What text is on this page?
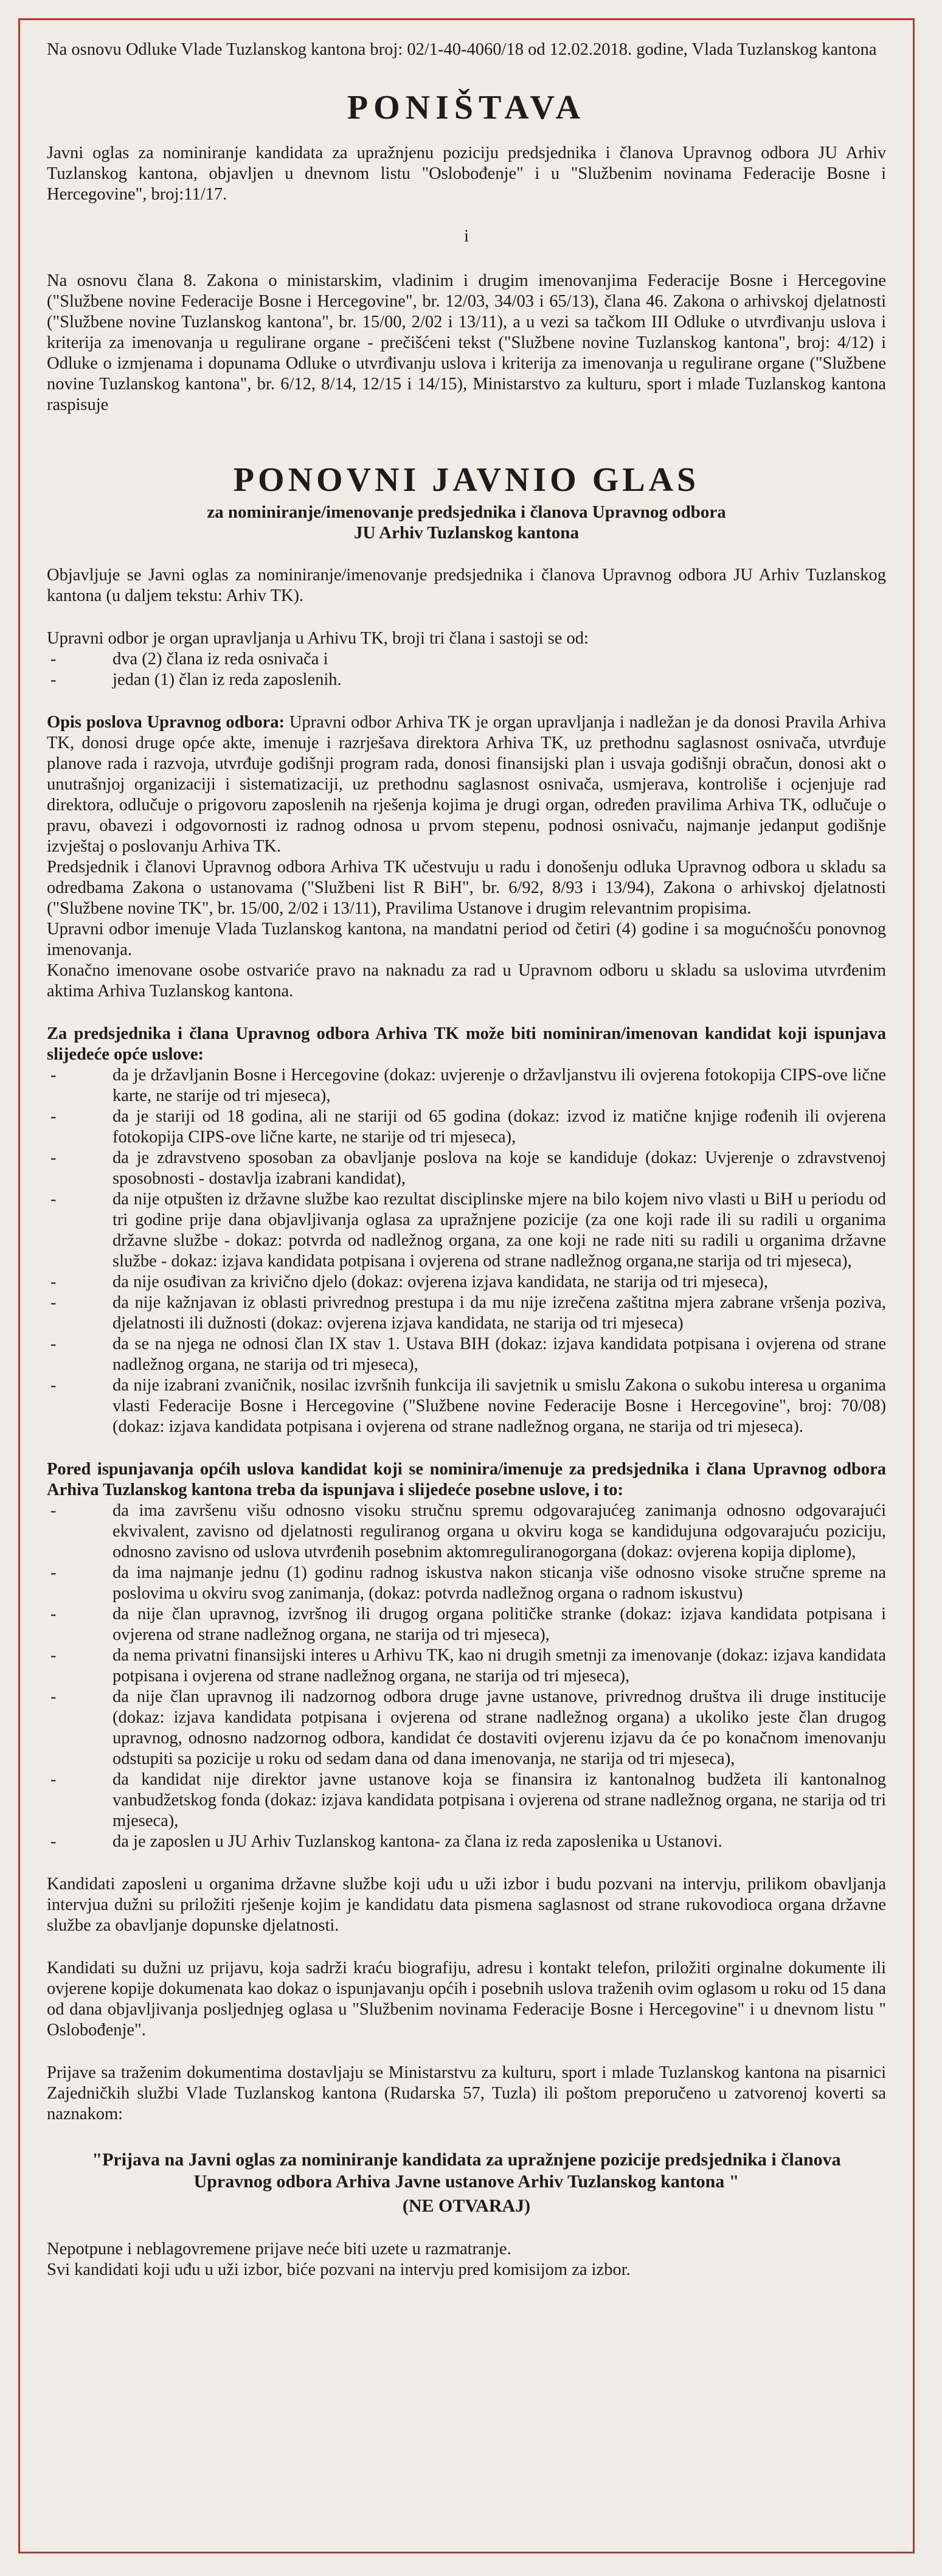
Na osnovu Odluke Vlade Tuzlanskog kantona broj: 02/1-40-4060/18 od 12.02.2018. godine, Vlada Tuzlanskog kantona

PONIŠTAVA

Javni oglas za nominiranje kandidata za upražnjenu poziciju predsjednika i članova Upravnog odbora JU Arhiv Tuzlanskog kantona, objavljen u dnevnom listu "Oslobođenje" i u "Službenim novinama Federacije Bosne i Hercegovine", broj:11/17.

i

Na osnovu člana 8. Zakona o ministarskim, vladinim i drugim imenovanjima Federacije Bosne i Hercegovine ("Službene novine Federacije Bosne i Hercegovine", br. 12/03, 34/03 i 65/13), člana 46. Zakona o arhivskoj djelatnosti ("Službene novine Tuzlanskog kantona", br. 15/00, 2/02 i 13/11), a u vezi sa tačkom III Odluke o utvrđivanju uslova i kriterija za imenovanja u regulirane organe - prečišćeni tekst ("Službene novine Tuzlanskog kantona", broj: 4/12) i Odluke o izmjenama i dopunama Odluke o utvrđivanju uslova i kriterija za imenovanja u regulirane organe ("Službene novine Tuzlanskog kantona", br. 6/12, 8/14, 12/15 i 14/15), Ministarstvo za kulturu, sport i mlade Tuzlanskog kantona raspisuje

PONOVNI JAVNIO GLAS
za nominiranje/imenovanje predsjednika i članova Upravnog odbora
JU Arhiv Tuzlanskog kantona

Objavljuje se Javni oglas za nominiranje/imenovanje predsjednika i članova Upravnog odbora JU Arhiv Tuzlanskog kantona (u daljem tekstu: Arhiv TK).

Upravni odbor je organ upravljanja u Arhivu TK, broji tri člana i sastoji se od:

- dva (2) člana iz reda osnivača i
- jedan (1) član iz reda zaposlenih.

Opis poslova Upravnog odbora: Upravni odbor Arhiva TK je organ upravljanja i nadležan je da donosi Pravila Arhiva TK, donosi druge opće akte, imenuje i razrješava direktora Arhiva TK, uz prethodnu saglasnost osnivača, utvrđuje planove rada i razvoja, utvrđuje godišnji program rada, donosi finansijski plan i usvaja godišnji obračun, donosi akt o unutrašnjoj organizaciji i sistematizaciji, uz prethodnu saglasnost osnivača, usmjerava, kontroliše i ocjenjuje rad direktora, odlučuje o prigovoru zaposlenih na rješenja kojima je drugi organ, određen pravilima Arhiva TK, odlučuje o pravu, obavezi i odgovornosti iz radnog odnosa u prvom stepenu, podnosi osnivaču, najmanje jedanput godišnje izvještaj o poslovanju Arhiva TK.

Predsjednik i članovi Upravnog odbora Arhiva TK učestvuju u radu i donošenju odluka Upravnog odbora u skladu sa odredbama Zakona o ustanovama ("Službeni list R BiH", br. 6/92, 8/93 i 13/94), Zakona o arhivskoj djelatnosti ("Službene novine TK", br. 15/00, 2/02 i 13/11), Pravilima Ustanove i drugim relevantnim propisima.

Upravni odbor imenuje Vlada Tuzlanskog kantona, na mandatni period od četiri (4) godine i sa mogućnošću ponovnog imenovanja.

Konačno imenovane osobe ostvariće pravo na naknadu za rad u Upravnom odboru u skladu sa uslovima utvrđenim aktima Arhiva Tuzlanskog kantona.

Za predsjednika i člana Upravnog odbora Arhiva TK može biti nominiran/imenovan kandidat koji ispunjava slijedeće opće uslove:

- da je državljanin Bosne i Hercegovine (dokaz: uvjerenje o državljanstvu ili ovjerena fotokopija CIPS-ove lične karte, ne starije od tri mjeseca),
- da je stariji od 18 godina, ali ne stariji od 65 godina (dokaz: izvod iz matične knjige rođenih ili ovjerena fotokopija CIPS-ove lične karte, ne starije od tri mjeseca),
- da je zdravstveno sposoban za obavljanje poslova na koje se kandiduje (dokaz: Uvjerenje o zdravstvenoj sposobnosti - dostavlja izabrani kandidat),
- da nije otpušten iz državne službe kao rezultat disciplinske mjere na bilo kojem nivo vlasti u BiH u periodu od tri godine prije dana objavljivanja oglasa za upražnjene pozicije (za one koji rade ili su radili u organima državne službe - dokaz: potvrda od nadležnog organa, za one koji ne rade niti su radili u organima državne službe - dokaz: izjava kandidata potpisana i ovjerena od strane nadležnog organa,ne starija od tri mjeseca),
- da nije osuđivan za krivično djelo (dokaz: ovjerena izjava kandidata, ne starija od tri mjeseca),
- da nije kažnjavan iz oblasti privrednog prestupa i da mu nije izrečena zaštitna mjera zabrane vršenja poziva, djelatnosti ili dužnosti (dokaz: ovjerena izjava kandidata, ne starija od tri mjeseca)
- da se na njega ne odnosi član IX stav 1. Ustava BIH (dokaz: izjava kandidata potpisana i ovjerena od strane nadležnog organa, ne starija od tri mjeseca),
- da nije izabrani zvaničnik, nosilac izvršnih funkcija ili savjetnik u smislu Zakona o sukobu interesa u organima vlasti Federacije Bosne i Hercegovine ("Službene novine Federacije Bosne i Hercegovine", broj: 70/08) (dokaz: izjava kandidata potpisana i ovjerena od strane nadležnog organa, ne starija od tri mjeseca).

Pored ispunjavanja općih uslova kandidat koji se nominira/imenuje za predsjednika i člana Upravnog odbora Arhiva Tuzlanskog kantona treba da ispunjava i slijedeće posebne uslove, i to:

- da ima završenu višu odnosno visoku stručnu spremu odgovarajućeg zanimanja odnosno odgovarajući ekvivalent, zavisno od djelatnosti reguliranog organa u okviru koga se kandidujuna odgovarajuću poziciju, odnosno zavisno od uslova utvrđenih posebnim aktomreguliranogorgana (dokaz: ovjerena kopija diplome),
- da ima najmanje jednu (1) godinu radnog iskustva nakon sticanja više odnosno visoke stručne spreme na poslovima u okviru svog zanimanja, (dokaz: potvrda nadležnog organa o radnom iskustvu)
- da nije član upravnog, izvršnog ili drugog organa političke stranke (dokaz: izjava kandidata potpisana i ovjerena od strane nadležnog organa, ne starija od tri mjeseca),
- da nema privatni finansijski interes u Arhivu TK, kao ni drugih smetnji za imenovanje (dokaz: izjava kandidata potpisana i ovjerena od strane nadležnog organa, ne starija od tri mjeseca),
- da nije član upravnog ili nadzornog odbora druge javne ustanove, privrednog društva ili druge institucije (dokaz: izjava kandidata potpisana i ovjerena od strane nadležnog organa) a ukoliko jeste član drugog upravnog, odnosno nadzornog odbora, kandidat će dostaviti ovjerenu izjavu da će po konačnom imenovanju odstupiti sa pozicije u roku od sedam dana od dana imenovanja, ne starija od tri mjeseca),
- da kandidat nije direktor javne ustanove koja se finansira iz kantonalnog budžeta ili kantonalnog vanbudžetskog fonda (dokaz: izjava kandidata potpisana i ovjerena od strane nadležnog organa, ne starija od tri mjeseca),
- da je zaposlen u JU Arhiv Tuzlanskog kantona- za člana iz reda zaposlenika u Ustanovi.

Kandidati zaposleni u organima državne službe koji uđu u uži izbor i budu pozvani na intervju, prilikom obavljanja intervjua dužni su priložiti rješenje kojim je kandidatu data pismena saglasnost od strane rukovodioca organa državne službe za obavljanje dopunske djelatnosti.

Kandidati su dužni uz prijavu, koja sadrži kraću biografiju, adresu i kontakt telefon, priložiti orginalne dokumente ili ovjerene kopije dokumenata kao dokaz o ispunjavanju općih i posebnih uslova traženih ovim oglasom u roku od 15 dana od dana objavljivanja posljednjeg oglasa u "Službenim novinama Federacije Bosne i Hercegovine" i u dnevnom listu " Oslobođenje".

Prijave sa traženim dokumentima dostavljaju se Ministarstvu za kulturu, sport i mlade Tuzlanskog kantona na pisarnici Zajedničkih službi Vlade Tuzlanskog kantona (Rudarska 57, Tuzla) ili poštom preporučeno u zatvorenoj koverti sa naznakom:

"Prijava na Javni oglas za nominiranje kandidata za upražnjene pozicije predsjednika i članova Upravnog odbora Arhiva Javne ustanove Arhiv Tuzlanskog kantona "

(NE OTVARAJ)

Nepotpune i neblagovremene prijave neće biti uzete u razmatranje.

Svi kandidati koji uđu u uži izbor, biće pozvani na intervju pred komisijom za izbor.
